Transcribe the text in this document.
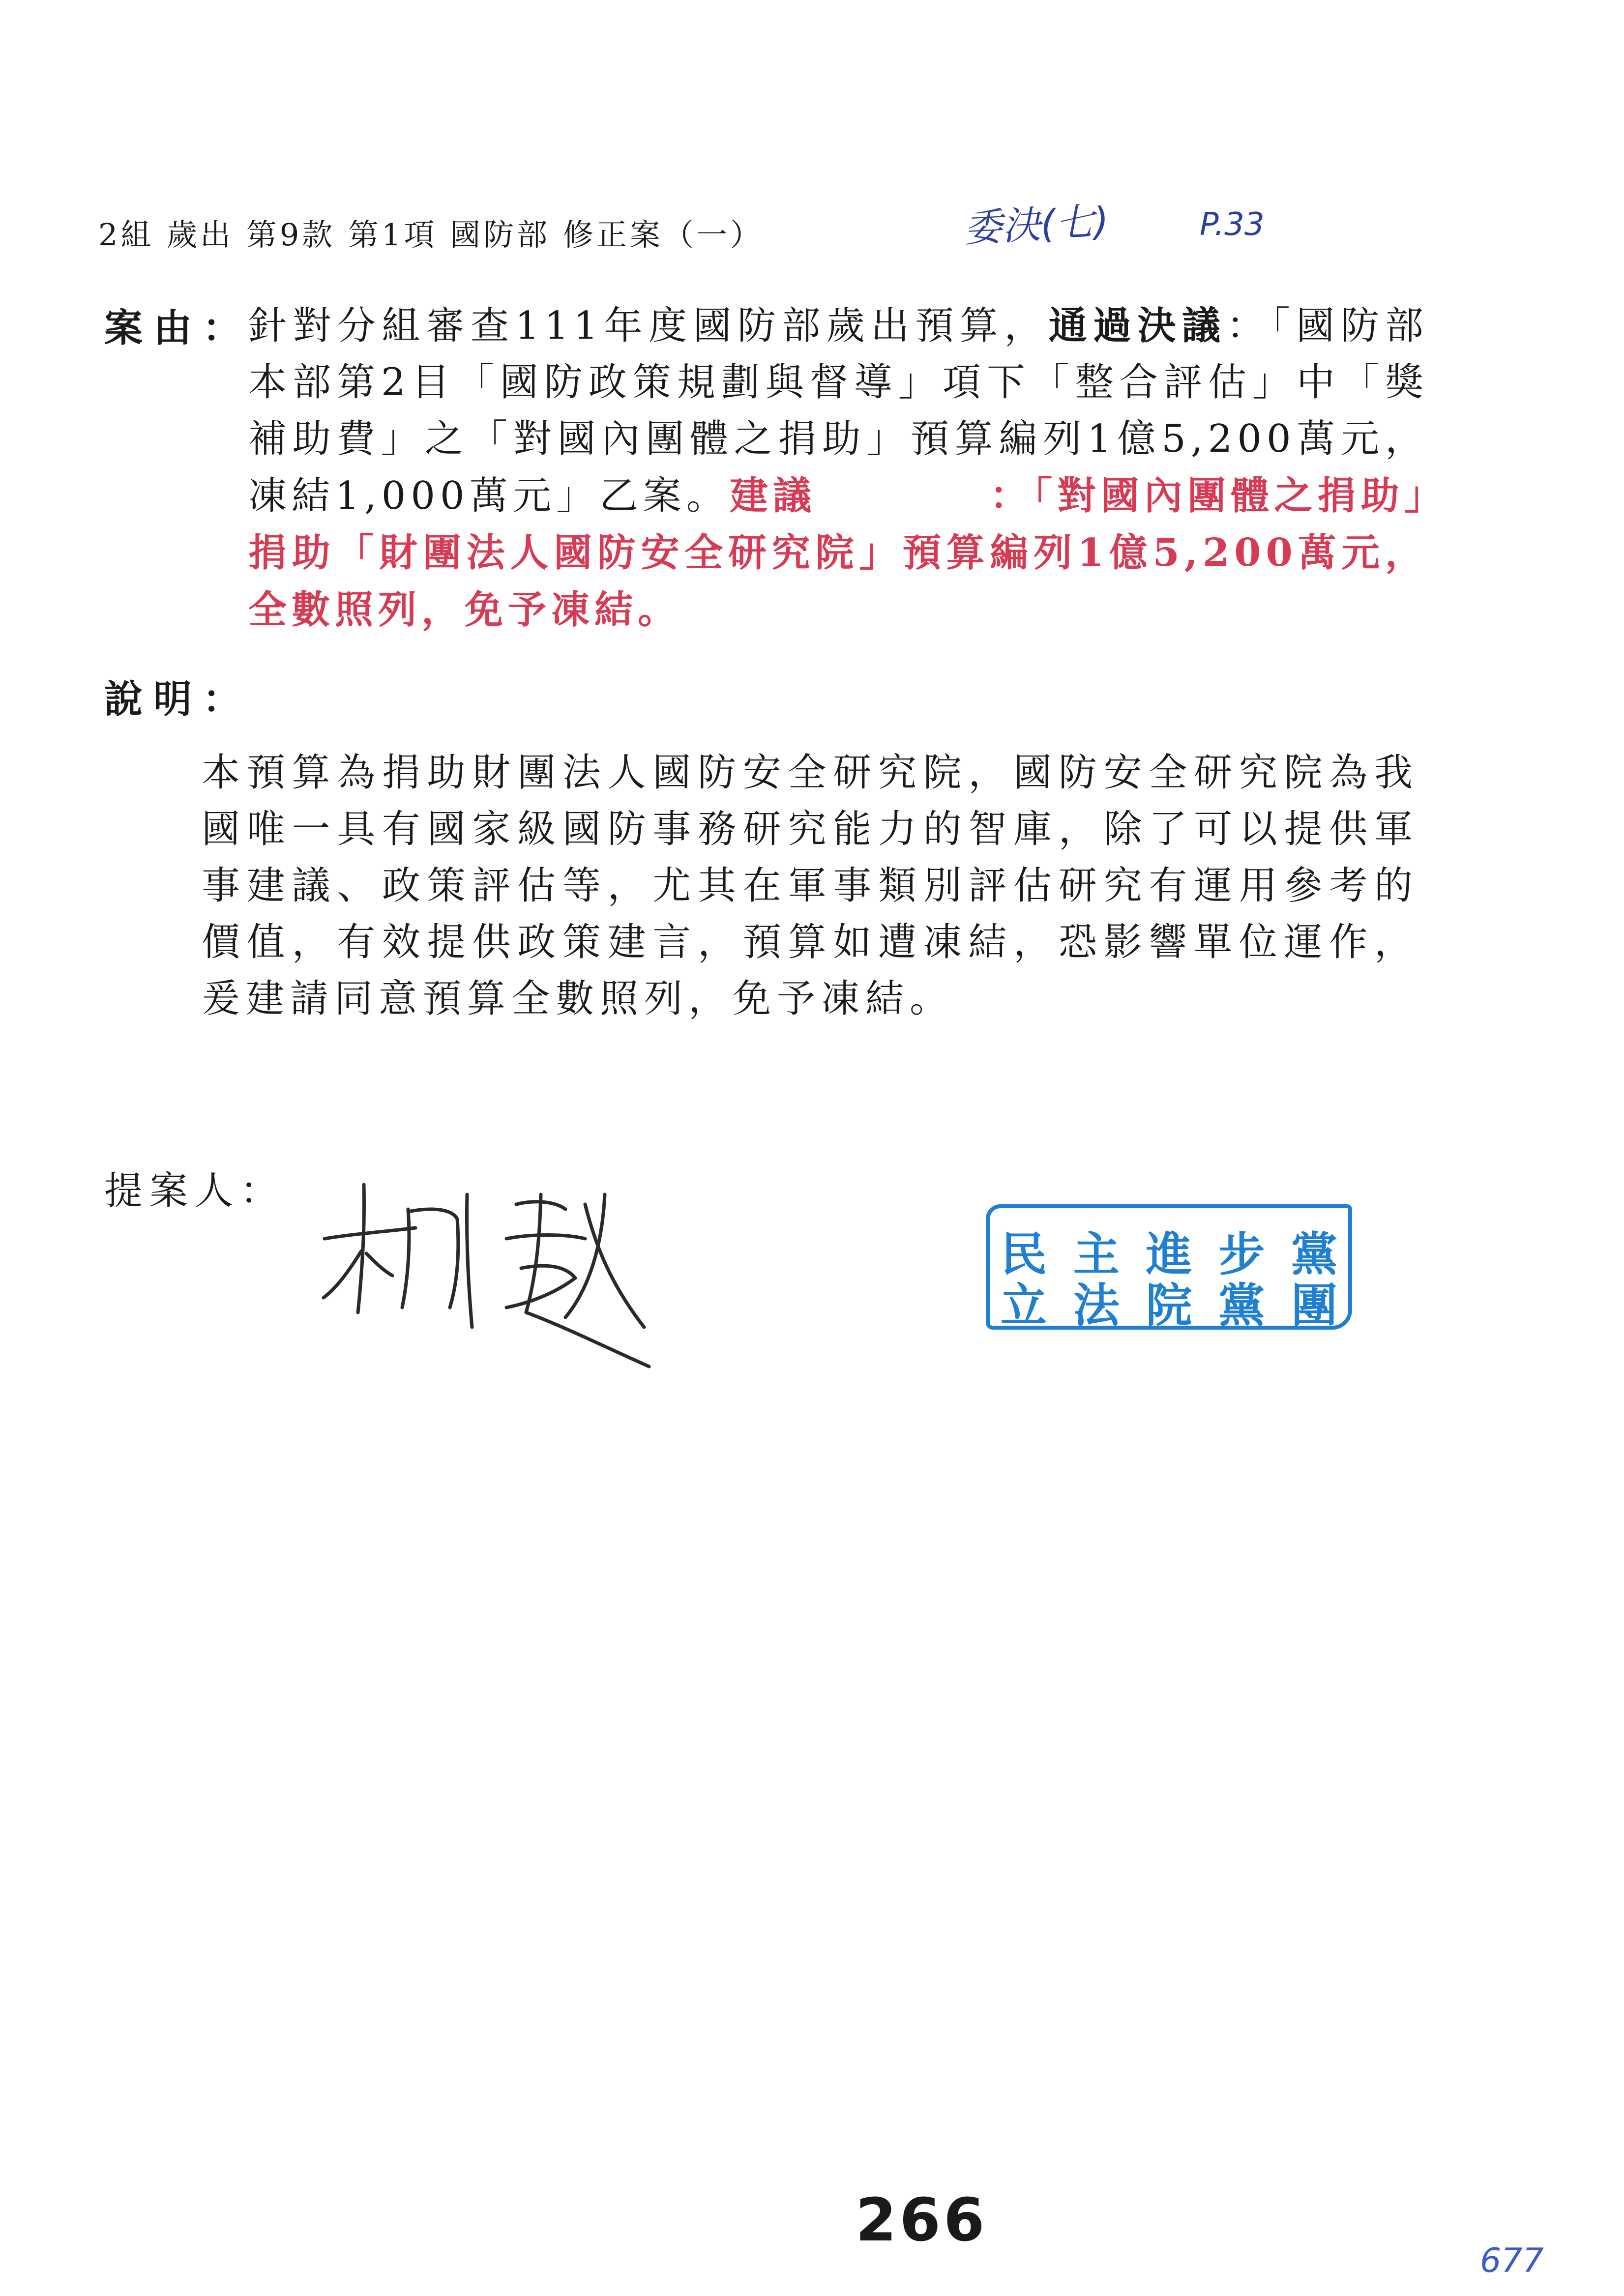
2組 歲出 第9款 第1項 國防部 修正案（一）	委決(七)	P.33
案由：
針對分組審查111年度國防部歲出預算，通過決議：「國防部本部第2目「國防政策規劃與督導」項下「整合評估」中「獎補助費」之「對國內團體之捐助」預算編列1億5,200萬元，凍結1,000萬元」乙案。建議　　　　：「對國內團體之捐助」捐助「財團法人國防安全研究院」預算編列1億5,200萬元，全數照列，免予凍結。
說明：
本預算為捐助財團法人國防安全研究院，國防安全研究院為我國唯一具有國家級國防事務研究能力的智庫，除了可以提供軍事建議、政策評估等，尤其在軍事類別評估研究有運用參考的價值，有效提供政策建言，預算如遭凍結，恐影響單位運作，爰建請同意預算全數照列，免予凍結。
提案人：
民 主 進 步 黨
立 法 院 黨 團
266
677
